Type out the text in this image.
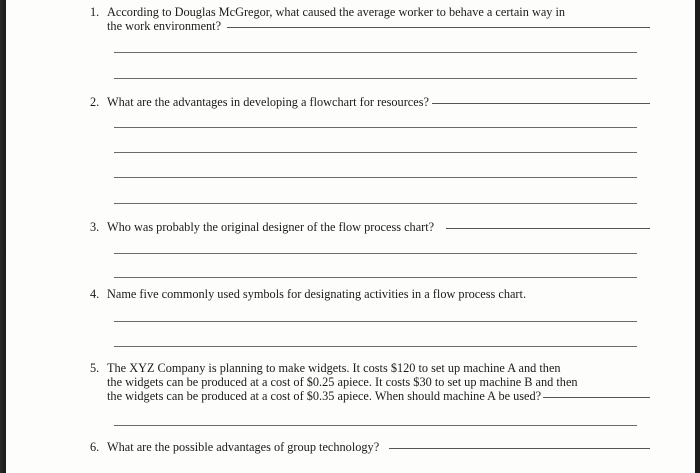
1. According to Douglas McGregor, what caused the average worker to behave a certain way in
the work environment?
2. What are the advantages in developing a flowchart for resources?
3. Who was probably the original designer of the flow process chart?
4. Name five commonly used symbols for designating activities in a flow process chart.
5. The XYZ Company is planning to make widgets. It costs $120 to set up machine A and then
the widgets can be produced at a cost of $0.25 apiece. It costs $30 to set up machine B and then
the widgets can be produced at a cost of $0.35 apiece. When should machine A be used?
6. What are the possible advantages of group technology?
